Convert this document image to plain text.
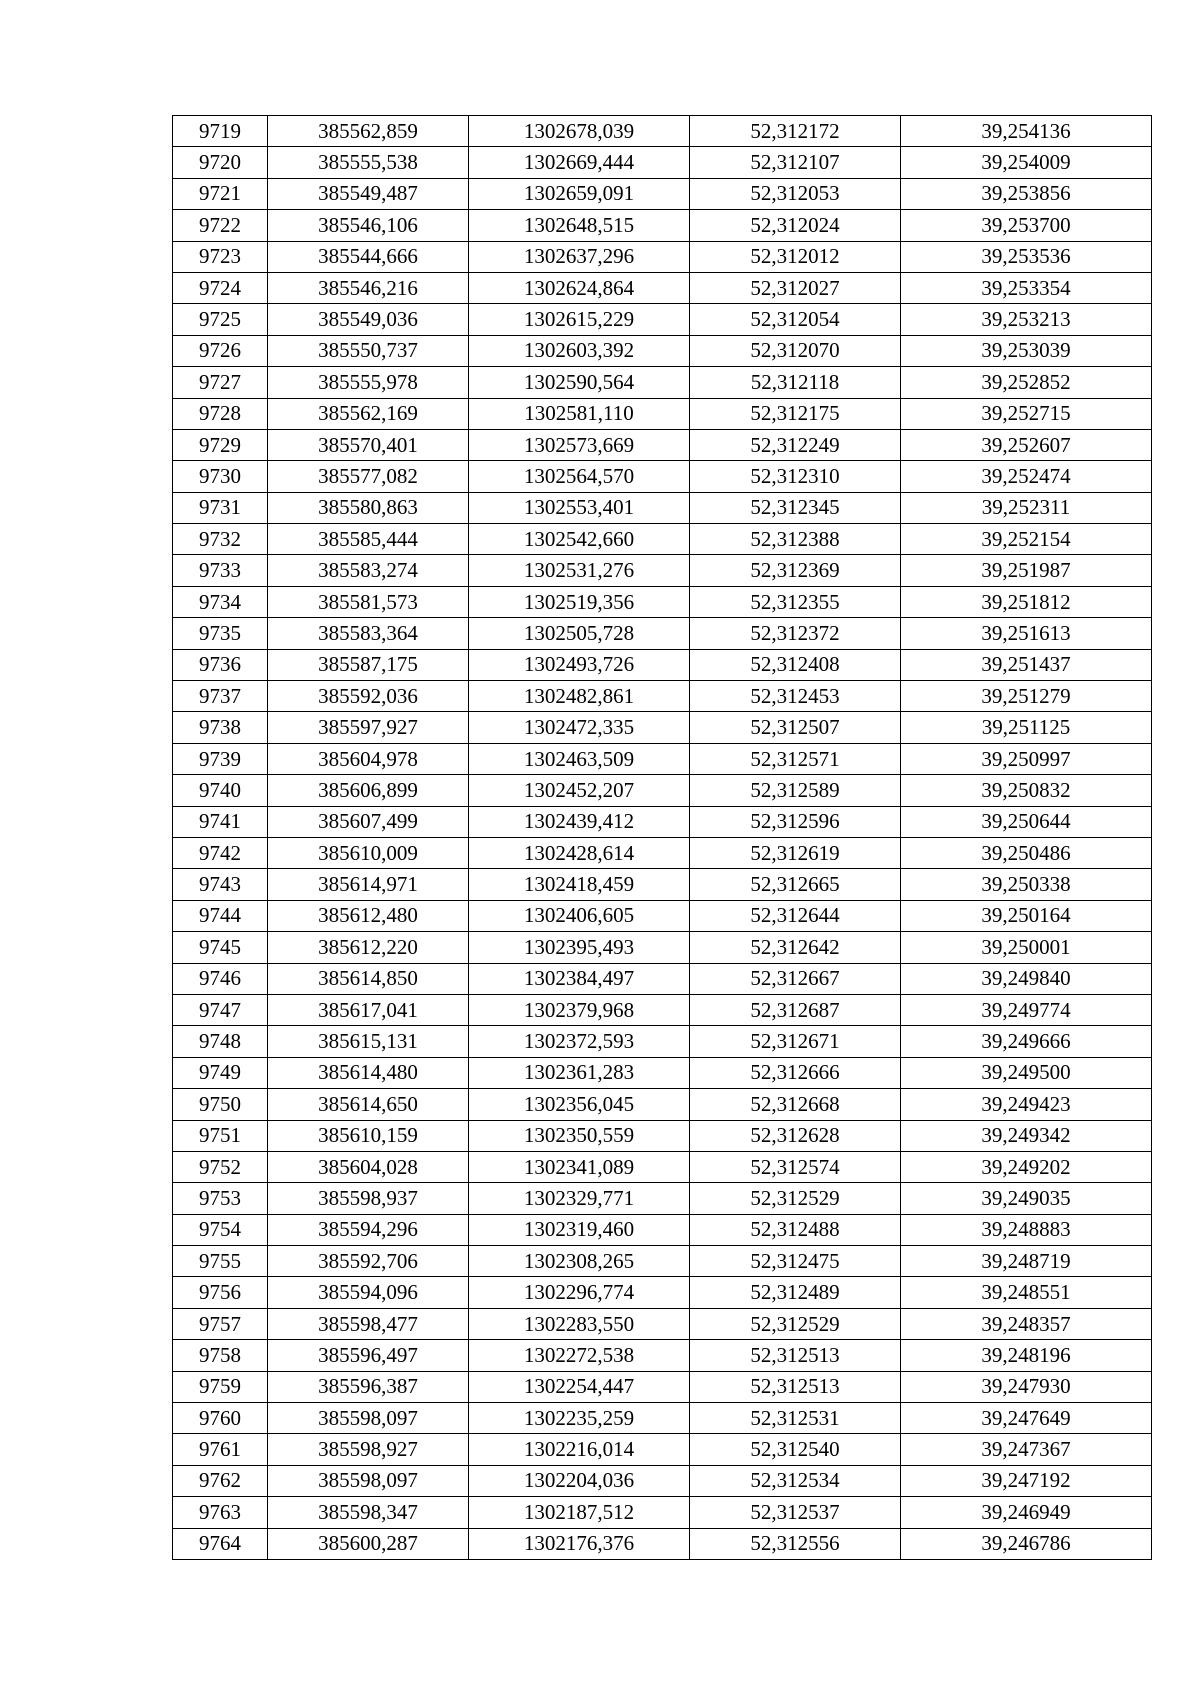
9719	385562,859	1302678,039	52,312172	39,254136
9720	385555,538	1302669,444	52,312107	39,254009
9721	385549,487	1302659,091	52,312053	39,253856
9722	385546,106	1302648,515	52,312024	39,253700
9723	385544,666	1302637,296	52,312012	39,253536
9724	385546,216	1302624,864	52,312027	39,253354
9725	385549,036	1302615,229	52,312054	39,253213
9726	385550,737	1302603,392	52,312070	39,253039
9727	385555,978	1302590,564	52,312118	39,252852
9728	385562,169	1302581,110	52,312175	39,252715
9729	385570,401	1302573,669	52,312249	39,252607
9730	385577,082	1302564,570	52,312310	39,252474
9731	385580,863	1302553,401	52,312345	39,252311
9732	385585,444	1302542,660	52,312388	39,252154
9733	385583,274	1302531,276	52,312369	39,251987
9734	385581,573	1302519,356	52,312355	39,251812
9735	385583,364	1302505,728	52,312372	39,251613
9736	385587,175	1302493,726	52,312408	39,251437
9737	385592,036	1302482,861	52,312453	39,251279
9738	385597,927	1302472,335	52,312507	39,251125
9739	385604,978	1302463,509	52,312571	39,250997
9740	385606,899	1302452,207	52,312589	39,250832
9741	385607,499	1302439,412	52,312596	39,250644
9742	385610,009	1302428,614	52,312619	39,250486
9743	385614,971	1302418,459	52,312665	39,250338
9744	385612,480	1302406,605	52,312644	39,250164
9745	385612,220	1302395,493	52,312642	39,250001
9746	385614,850	1302384,497	52,312667	39,249840
9747	385617,041	1302379,968	52,312687	39,249774
9748	385615,131	1302372,593	52,312671	39,249666
9749	385614,480	1302361,283	52,312666	39,249500
9750	385614,650	1302356,045	52,312668	39,249423
9751	385610,159	1302350,559	52,312628	39,249342
9752	385604,028	1302341,089	52,312574	39,249202
9753	385598,937	1302329,771	52,312529	39,249035
9754	385594,296	1302319,460	52,312488	39,248883
9755	385592,706	1302308,265	52,312475	39,248719
9756	385594,096	1302296,774	52,312489	39,248551
9757	385598,477	1302283,550	52,312529	39,248357
9758	385596,497	1302272,538	52,312513	39,248196
9759	385596,387	1302254,447	52,312513	39,247930
9760	385598,097	1302235,259	52,312531	39,247649
9761	385598,927	1302216,014	52,312540	39,247367
9762	385598,097	1302204,036	52,312534	39,247192
9763	385598,347	1302187,512	52,312537	39,246949
9764	385600,287	1302176,376	52,312556	39,246786
